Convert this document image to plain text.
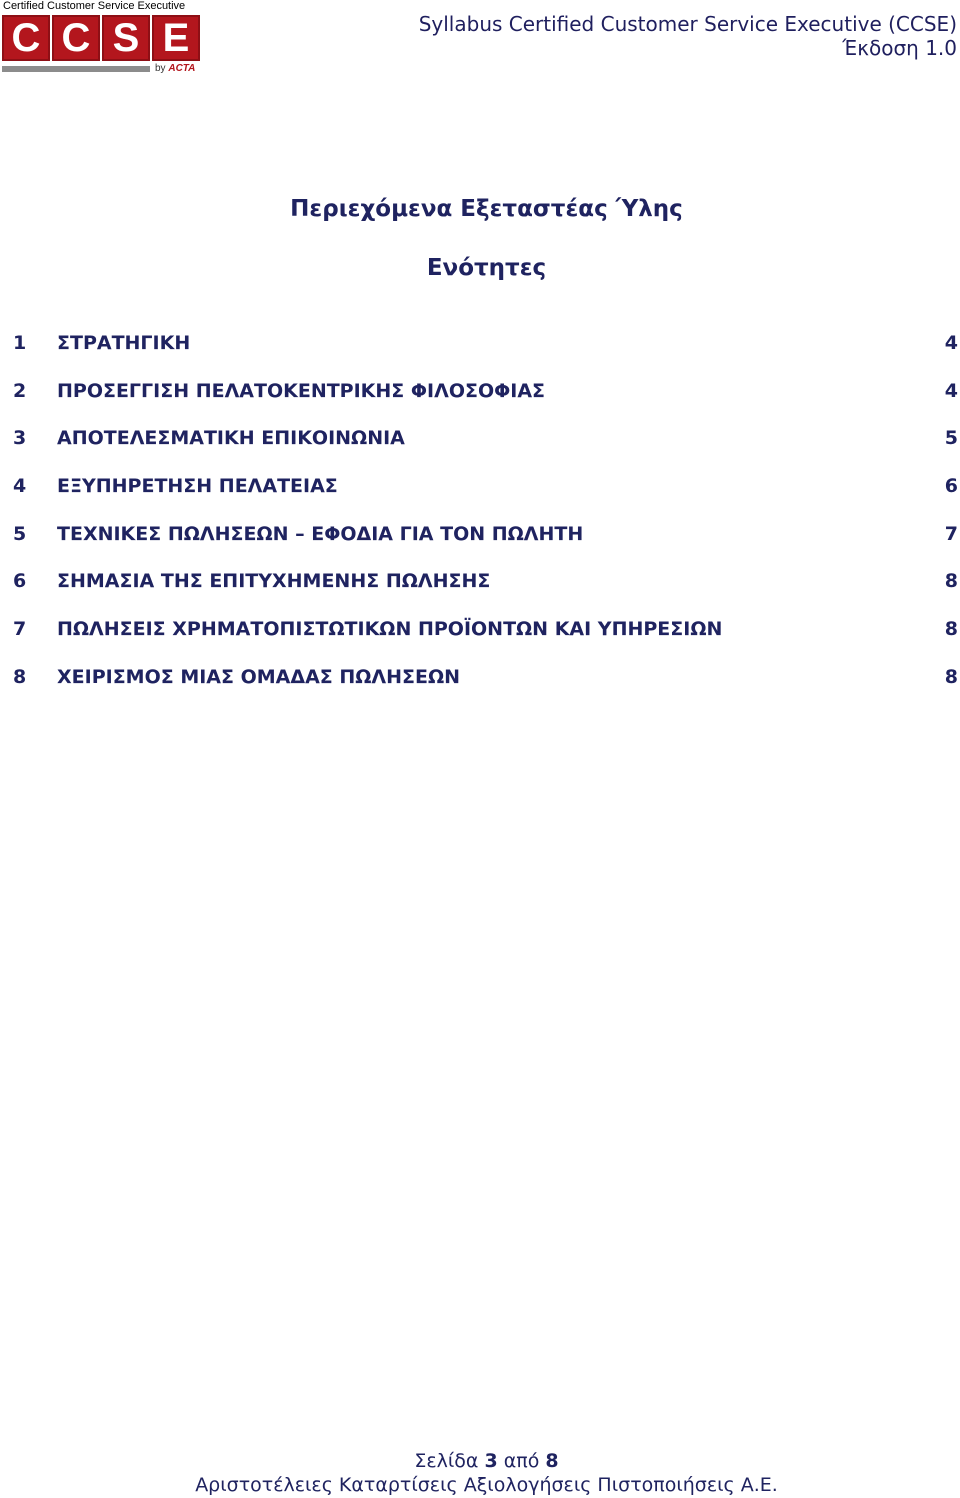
Certified Customer Service Executive
C C S E
by ACTA
Syllabus Certified Customer Service Executive (CCSE)
Έκδοση 1.0
Περιεχόμενα Εξεταστέας Ύλης
Ενότητες
1 ΣΤΡΑΤΗΓΙΚΗ	4
2 ΠΡΟΣΕΓΓΙΣΗ ΠΕΛΑΤΟΚΕΝΤΡΙΚΗΣ ΦΙΛΟΣΟΦΙΑΣ	4
3 ΑΠΟΤΕΛΕΣΜΑΤΙΚΗ ΕΠΙΚΟΙΝΩΝΙΑ	5
4 ΕΞΥΠΗΡΕΤΗΣΗ ΠΕΛΑΤΕΙΑΣ	6
5 ΤΕΧΝΙΚΕΣ ΠΩΛΗΣΕΩΝ – ΕΦΟΔΙΑ ΓΙΑ ΤΟΝ ΠΩΛΗΤΗ	7
6 ΣΗΜΑΣΙΑ ΤΗΣ ΕΠΙΤΥΧΗΜΕΝΗΣ ΠΩΛΗΣΗΣ	8
7 ΠΩΛΗΣΕΙΣ ΧΡΗΜΑΤΟΠΙΣΤΩΤΙΚΩΝ ΠΡΟΪΟΝΤΩΝ ΚΑΙ ΥΠΗΡΕΣΙΩΝ	8
8 ΧΕΙΡΙΣΜΟΣ ΜΙΑΣ ΟΜΑΔΑΣ ΠΩΛΗΣΕΩΝ	8
Σελίδα 3 από 8
Αριστοτέλειες Καταρτίσεις Αξιολογήσεις Πιστοποιήσεις Α.Ε.
